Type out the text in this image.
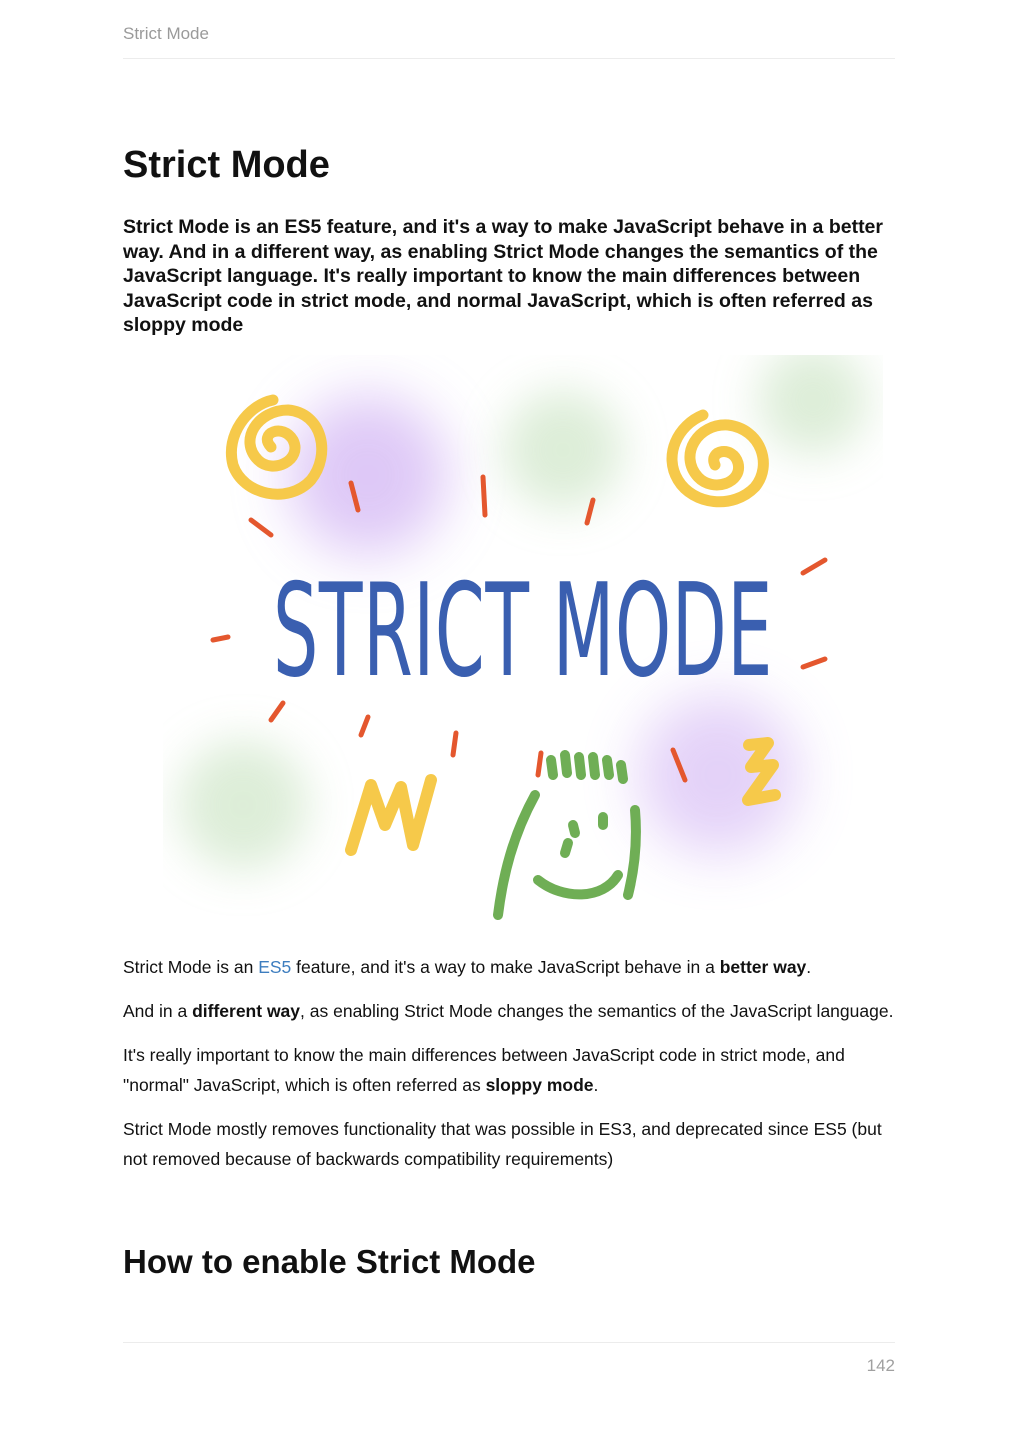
Strict Mode
Strict Mode

Strict Mode is an ES5 feature, and it's a way to make JavaScript behave in a better way. And in a different way, as enabling Strict Mode changes the semantics of the JavaScript language. It's really important to know the main differences between JavaScript code in strict mode, and normal JavaScript, which is often referred as sloppy mode

STRICT MODE

Strict Mode is an ES5 feature, and it's a way to make JavaScript behave in a better way.

And in a different way, as enabling Strict Mode changes the semantics of the JavaScript language.

It's really important to know the main differences between JavaScript code in strict mode, and "normal" JavaScript, which is often referred as sloppy mode.

Strict Mode mostly removes functionality that was possible in ES3, and deprecated since ES5 (but not removed because of backwards compatibility requirements)

How to enable Strict Mode
142
